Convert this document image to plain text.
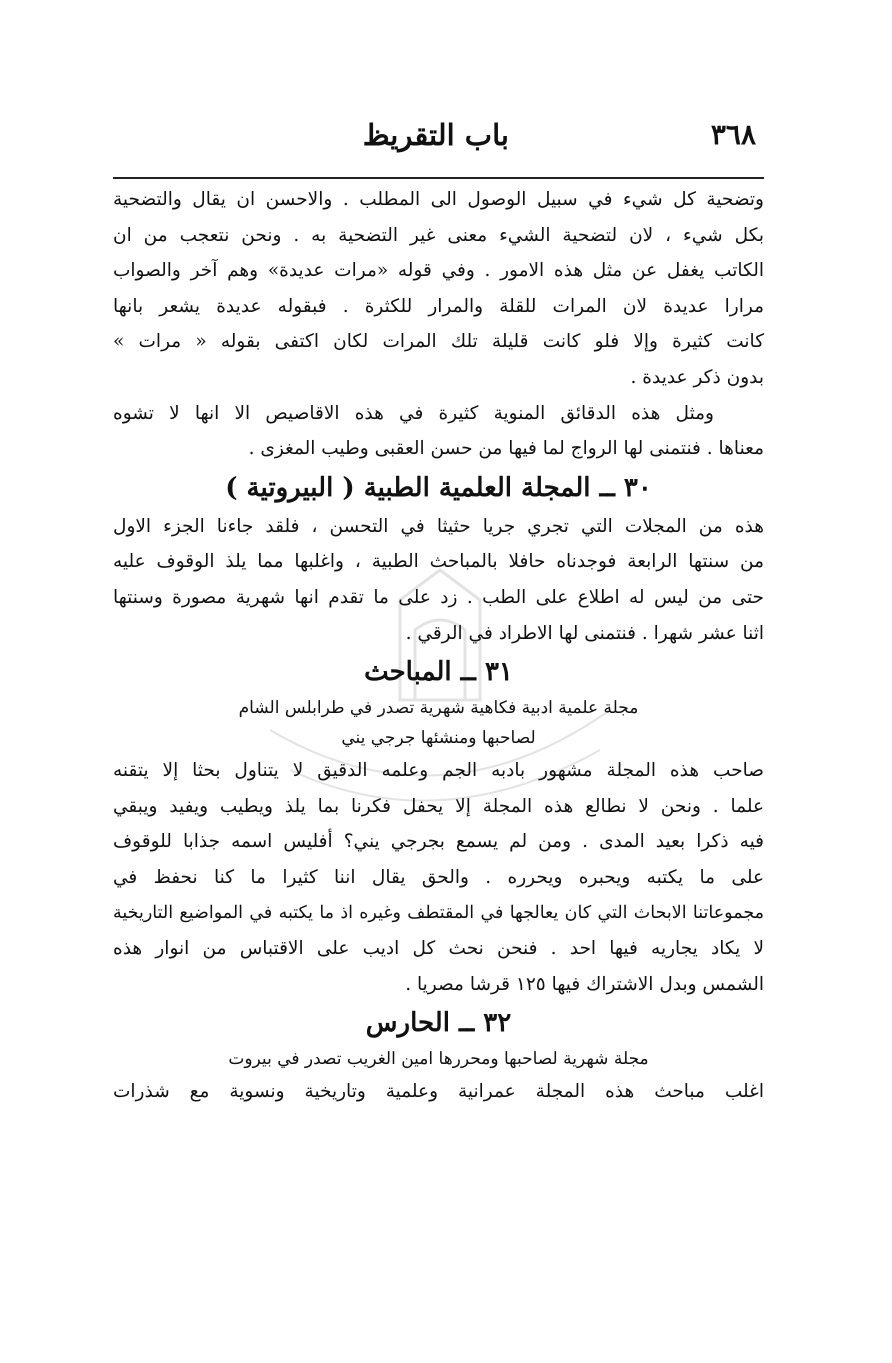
٣٦٨
باب التقريظ
وتضحية كل شيء في سبيل الوصول الى المطلب . والاحسن ان يقال والتضحية
بكل شيء ، لان لتضحية الشيء معنى غير التضحية به . ونحن نتعجب من ان
الكاتب يغفل عن مثل هذه الامور . وفي قوله «مرات عديدة» وهم آخر والصواب
مرارا عديدة لان المرات للقلة والمرار للكثرة . فبقوله عديدة يشعر بانها
كانت كثيرة وإلا فلو كانت قليلة تلك المرات لكان اكتفى بقوله « مرات »
بدون ذكر عديدة .
ومثل هذه الدقائق المنوية كثيرة في هذه الاقاصيص الا انها لا تشوه
معناها . فنتمنى لها الرواج لما فيها من حسن العقبى وطيب المغزى .
٣٠ ــ المجلة العلمية الطبية ( البيروتية )
هذه من المجلات التي تجري جريا حثيثا في التحسن ، فلقد جاءنا الجزء الاول
من سنتها الرابعة فوجدناه حافلا بالمباحث الطبية ، واغلبها مما يلذ الوقوف عليه
حتى من ليس له اطلاع على الطب . زد على ما تقدم انها شهرية مصورة وسنتها
اثنا عشر شهرا . فنتمنى لها الاطراد في الرقي .
٣١ ــ المباحث
مجلة علمية ادبية فكاهية شهرية تصدر في طرابلس الشام
لصاحبها ومنشئها جرجي يني
صاحب هذه المجلة مشهور بادبه الجم وعلمه الدقيق لا يتناول بحثا إلا يتقنه
علما . ونحن لا نطالع هذه المجلة إلا يحفل فكرنا بما يلذ ويطيب ويفيد ويبقي
فيه ذكرا بعيد المدى . ومن لم يسمع بجرجي يني؟ أفليس اسمه جذابا للوقوف
على ما يكتبه ويحبره ويحرره . والحق يقال اننا كثيرا ما كنا نحفظ في
مجموعاتنا الابحاث التي كان يعالجها في المقتطف وغيره اذ ما يكتبه في المواضيع التاريخية
لا يكاد يجاريه فيها احد . فنحن نحث كل اديب على الاقتباس من انوار هذه
الشمس وبدل الاشتراك فيها ١٢٥ قرشا مصريا .
٣٢ ــ الحارس
مجلة شهرية لصاحبها ومحررها امين الغريب تصدر في بيروت
اغلب مباحث هذه المجلة عمرانية وعلمية وتاريخية ونسوية مع شذرات
